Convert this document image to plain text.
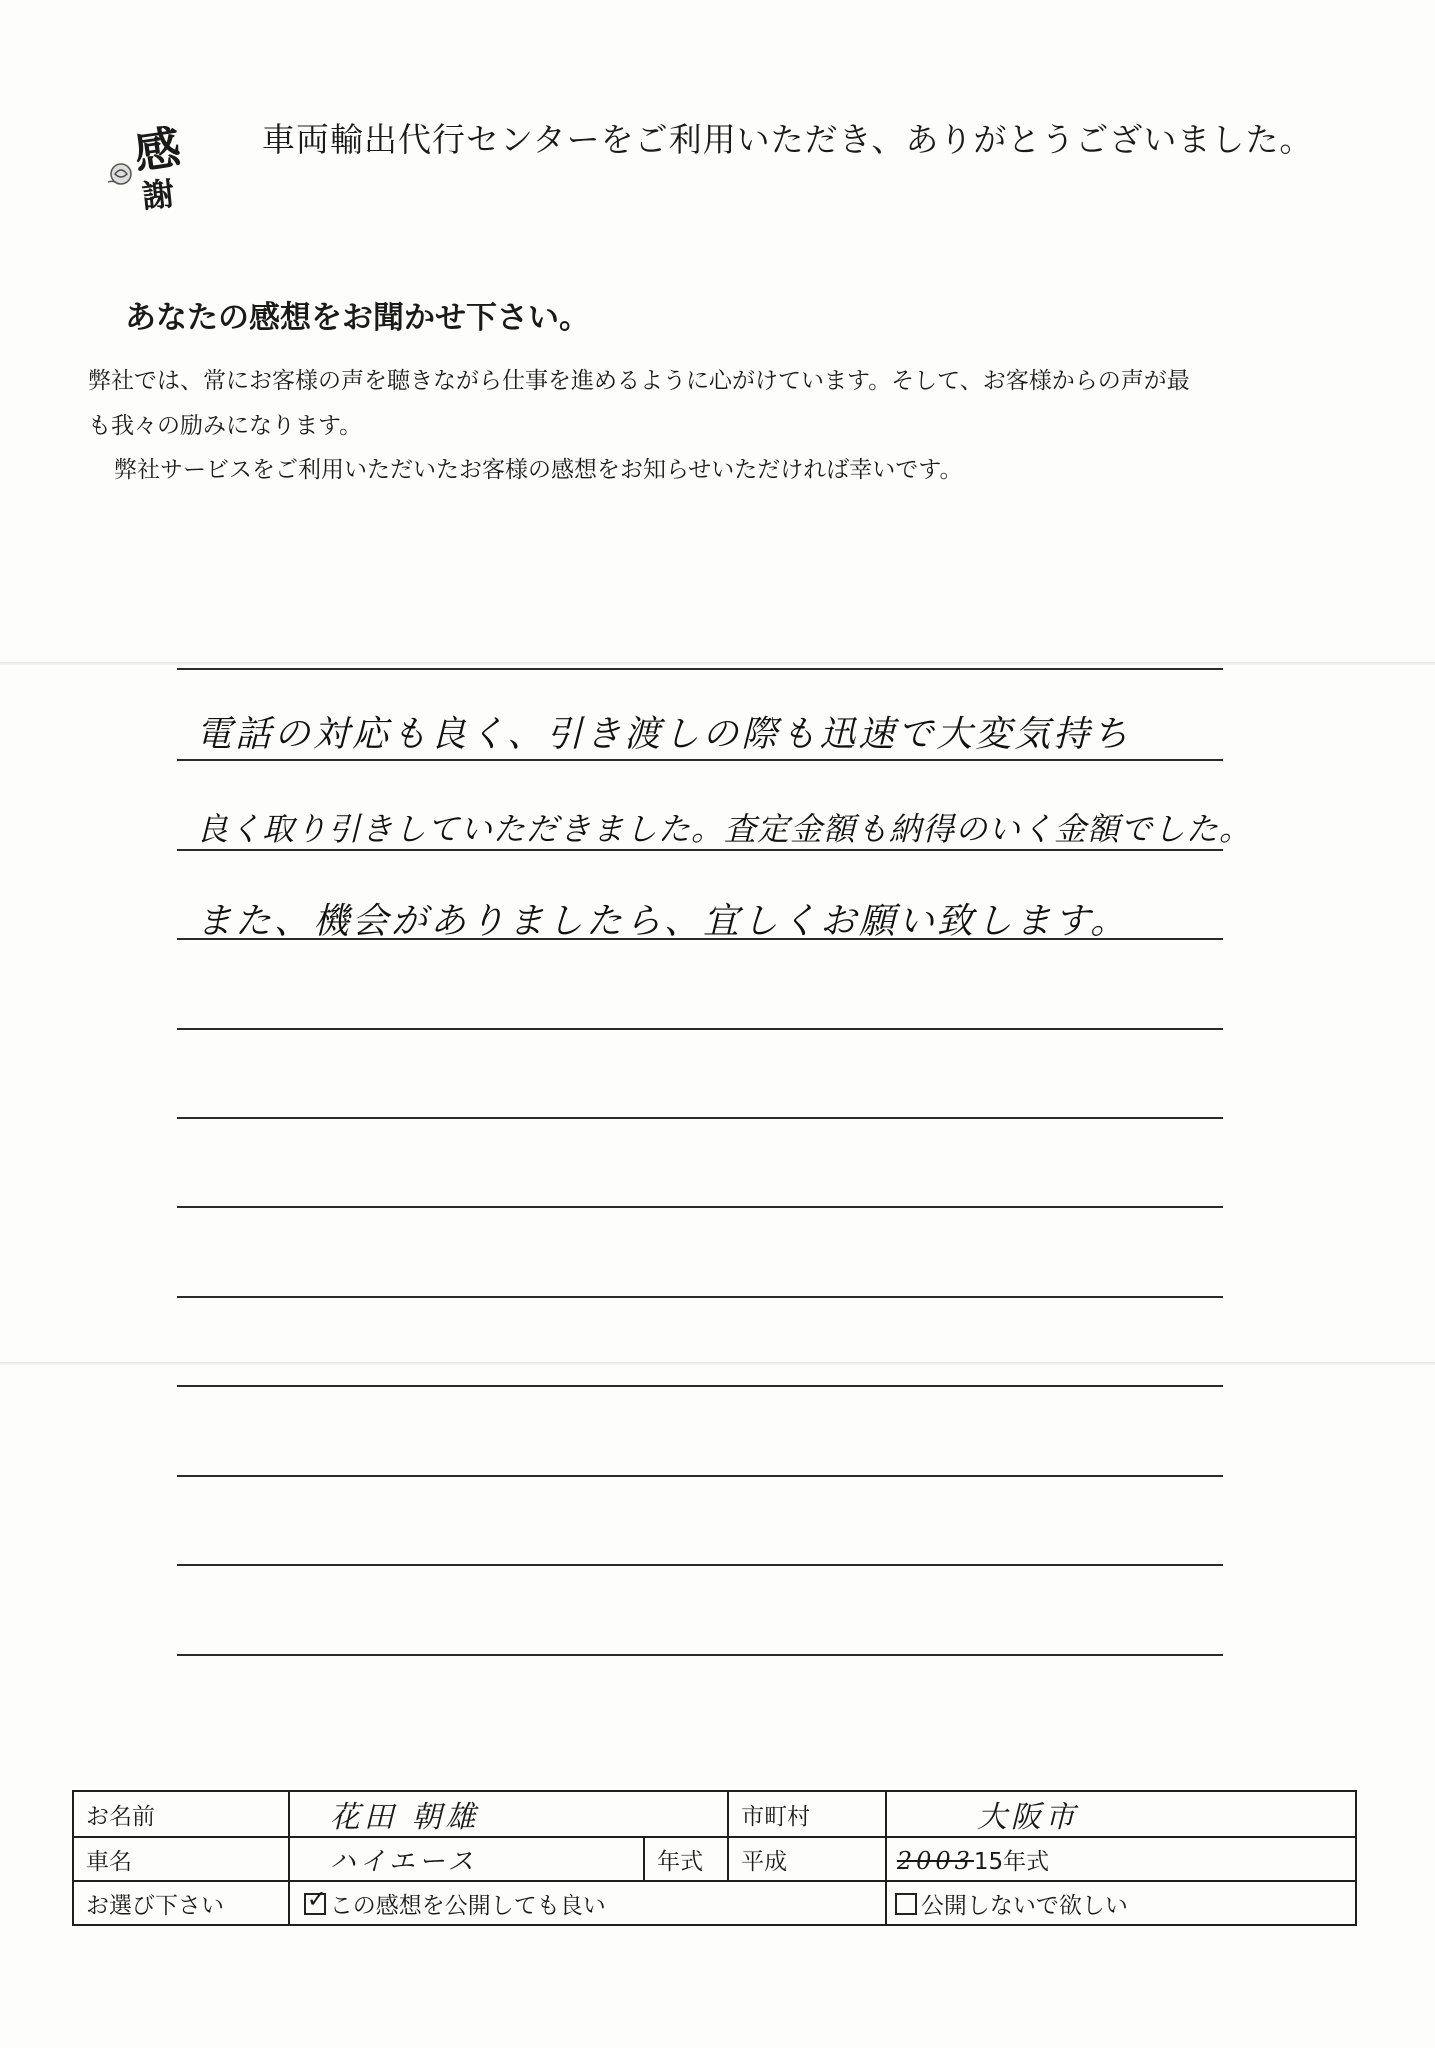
感
謝
車両輸出代行センターをご利用いただき、ありがとうございました。
あなたの感想をお聞かせ下さい。
弊社では、常にお客様の声を聴きながら仕事を進めるように心がけています。そして、お客様からの声が最
も我々の励みになります。
弊社サービスをご利用いただいたお客様の感想をお知らせいただければ幸いです。
電話の対応も良く、引き渡しの際も迅速で大変気持ち
良く取り引きしていただきました。査定金額も納得のいく金額でした。
また、機会がありましたら、宜しくお願い致します。
お名前	花田 朝雄		市町村	大阪市
車名	ハイエース	年式	平成	200315年式
お選び下さい	✓この感想を公開しても良い			公開しないで欲しい
